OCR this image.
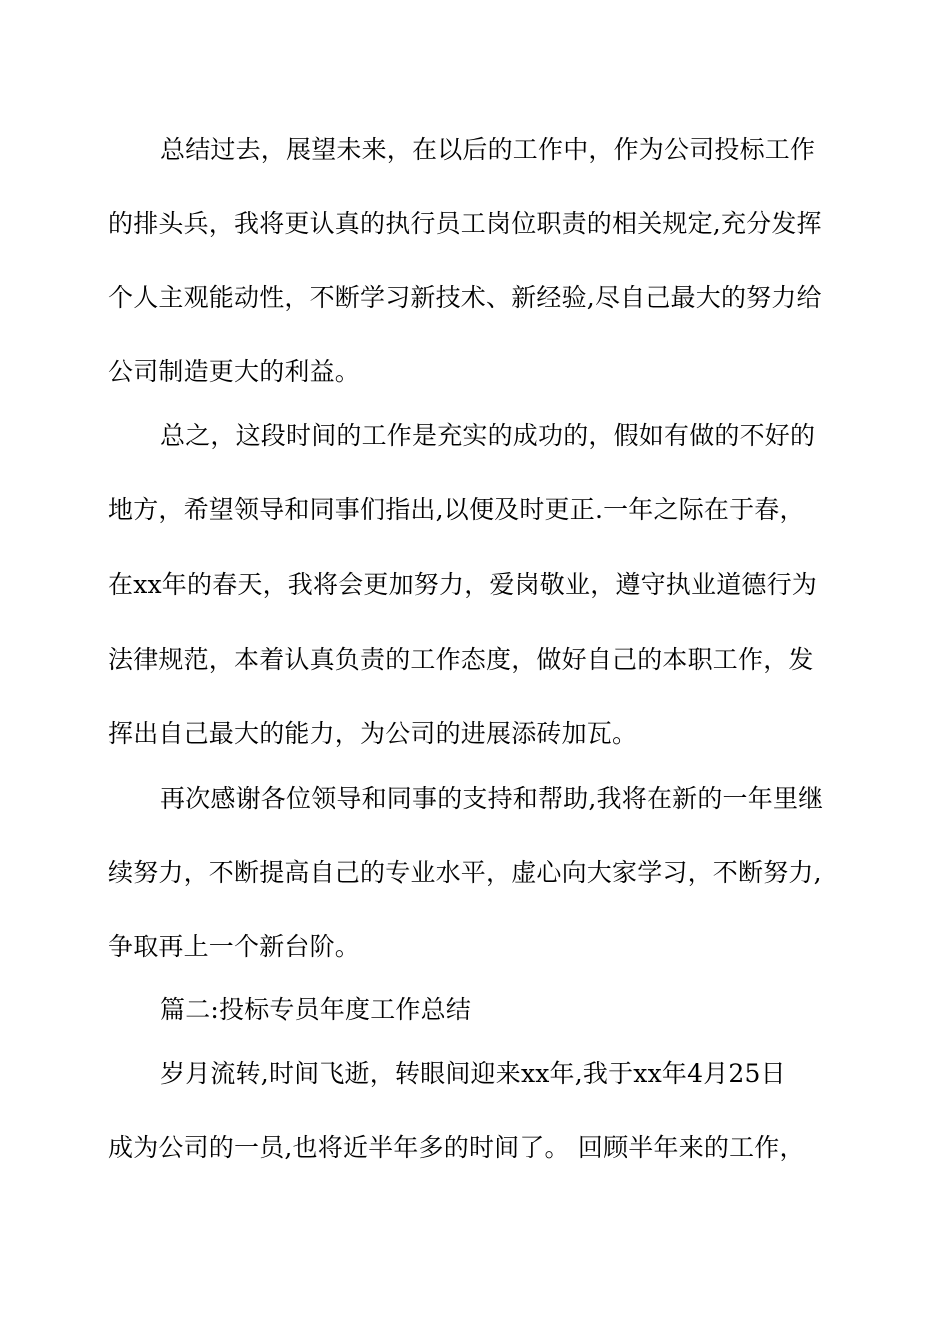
总结过去，展望未来，在以后的工作中，作为公司投标工作
的排头兵，我将更认真的执行员工岗位职责的相关规定,充分发挥
个人主观能动性，不断学习新技术、新经验,尽自己最大的努力给
公司制造更大的利益。
总之，这段时间的工作是充实的成功的，假如有做的不好的
地方，希望领导和同事们指出,以便及时更正.一年之际在于春，
在xx年的春天，我将会更加努力，爱岗敬业，遵守执业道德行为
法律规范，本着认真负责的工作态度，做好自己的本职工作，发
挥出自己最大的能力，为公司的进展添砖加瓦。
再次感谢各位领导和同事的支持和帮助,我将在新的一年里继
续努力，不断提高自己的专业水平，虚心向大家学习，不断努力,
争取再上一个新台阶。
篇二:投标专员年度工作总结
岁月流转,时间飞逝，转眼间迎来xx年,我于xx年4月25日
成为公司的一员,也将近半年多的时间了。 回顾半年来的工作，
